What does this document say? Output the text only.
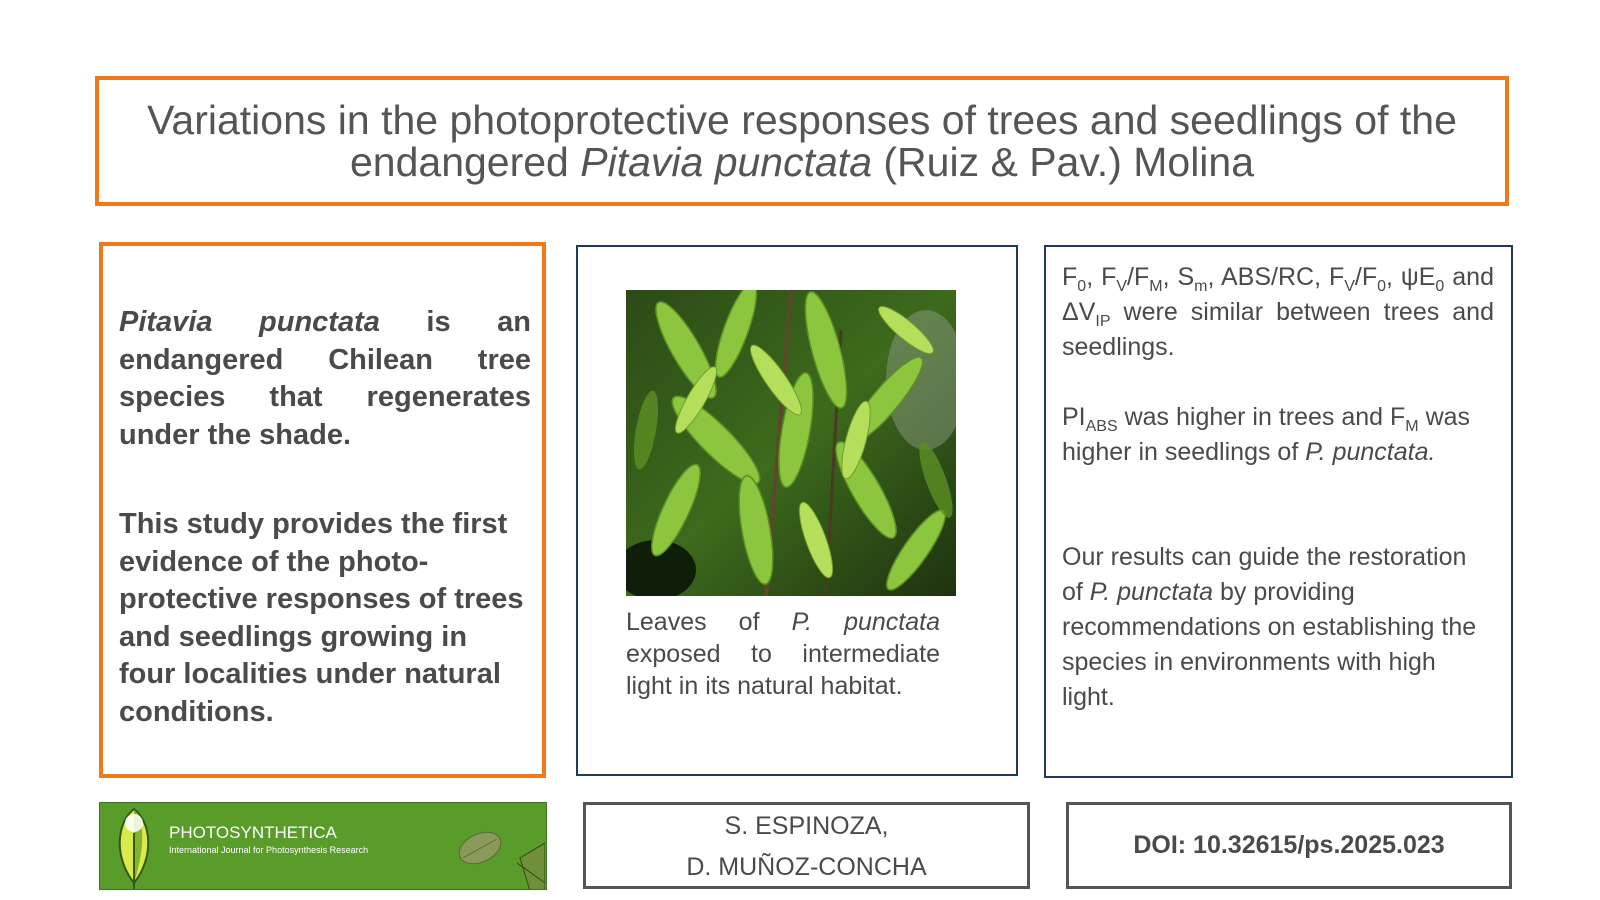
Variations in the photoprotective responses of trees and seedlings of the
endangered Pitavia punctata (Ruiz & Pav.) Molina
Pitavia punctata is an endangered Chilean tree species that regenerates under the shade.
This study provides the first evidence of the photo-protective responses of trees and seedlings growing in four localities under natural conditions.
Leaves of P. punctata exposed to intermediate light in its natural habitat.
$F_0$, $F_V/F_M$, $S_m$, ABS/RC, $F_V/F_0$, $\psi E_0$ and $\Delta V_{IP}$ were similar between trees and seedlings.
$PI_{ABS}$ was higher in trees and $F_M$ was higher in seedlings of P. punctata.
Our results can guide the restoration of P. punctata by providing recommendations on establishing the species in environments with high light.
PHOTOSYNTHETICA
International Journal for Photosynthesis Research
S. ESPINOZA,
D. MUÑOZ-CONCHA
DOI: 10.32615/ps.2025.023
